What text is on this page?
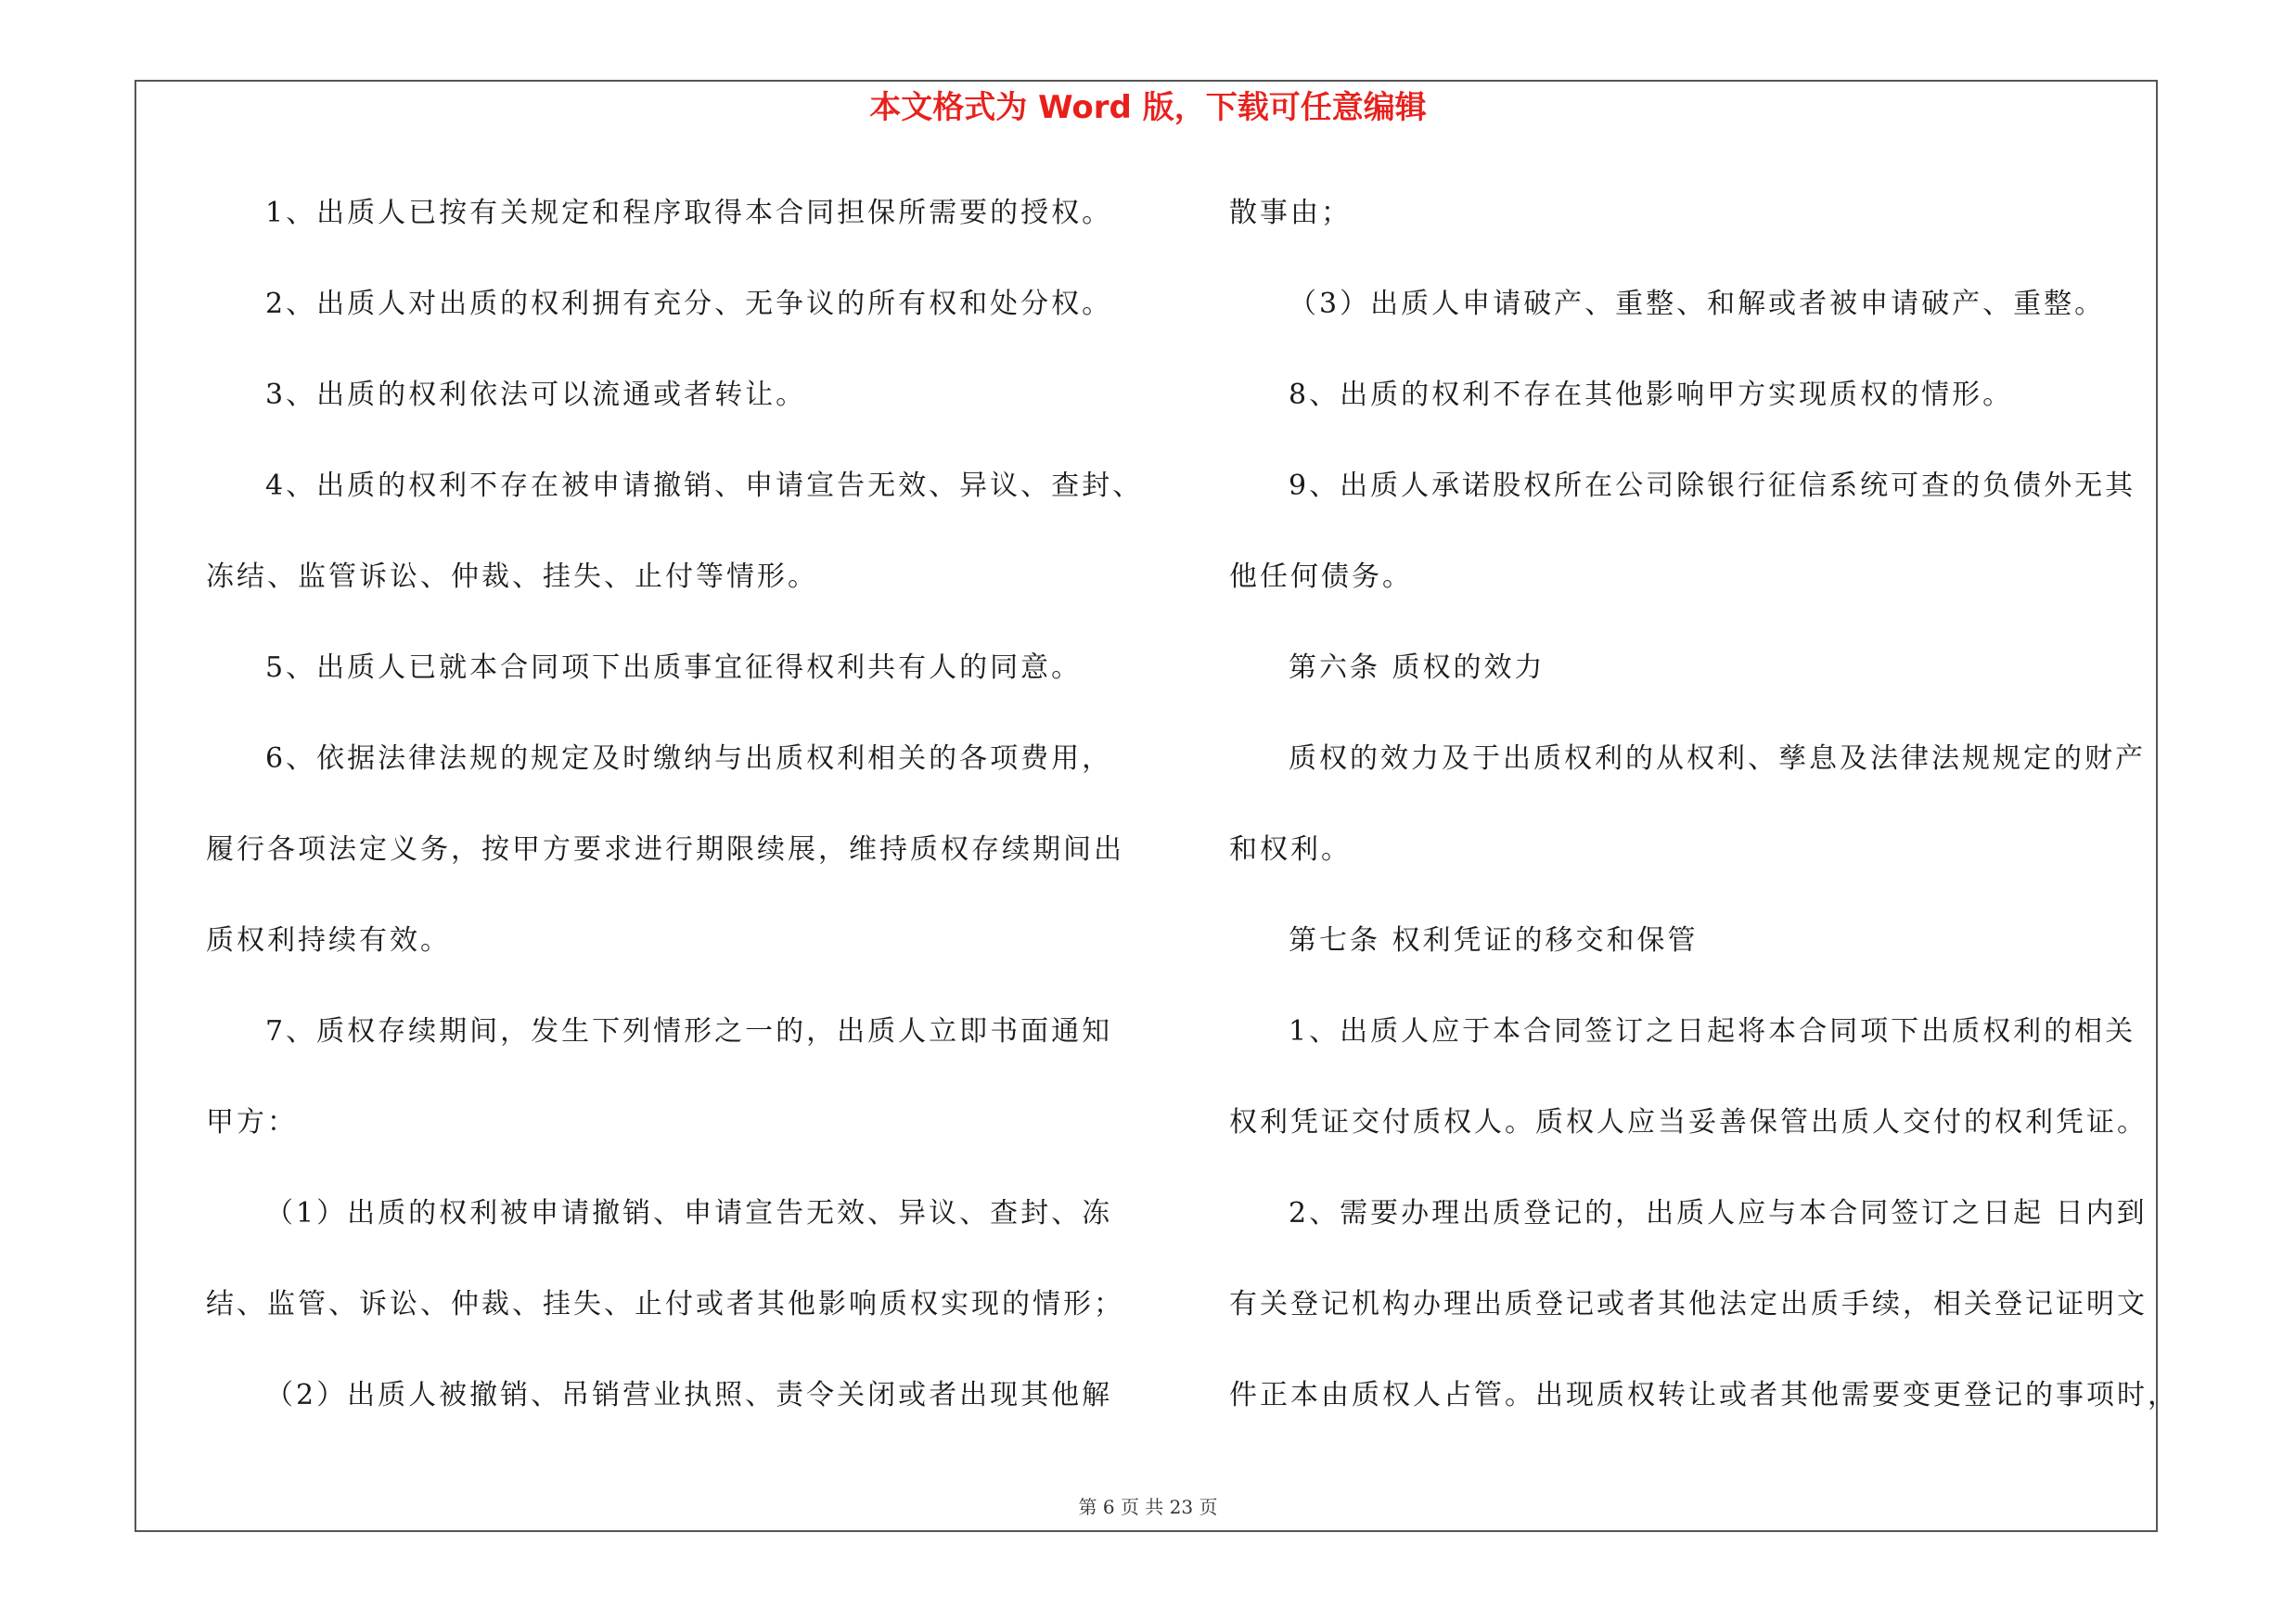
本文格式为 Word 版，下载可任意编辑
1、出质人已按有关规定和程序取得本合同担保所需要的授权。
2、出质人对出质的权利拥有充分、无争议的所有权和处分权。
3、出质的权利依法可以流通或者转让。
4、出质的权利不存在被申请撤销、申请宣告无效、异议、查封、
冻结、监管诉讼、仲裁、挂失、止付等情形。
5、出质人已就本合同项下出质事宜征得权利共有人的同意。
6、依据法律法规的规定及时缴纳与出质权利相关的各项费用，
履行各项法定义务，按甲方要求进行期限续展，维持质权存续期间出
质权利持续有效。
7、质权存续期间，发生下列情形之一的，出质人立即书面通知
甲方：
（1）出质的权利被申请撤销、申请宣告无效、异议、查封、冻
结、监管、诉讼、仲裁、挂失、止付或者其他影响质权实现的情形；
（2）出质人被撤销、吊销营业执照、责令关闭或者出现其他解
散事由；
（3）出质人申请破产、重整、和解或者被申请破产、重整。
8、出质的权利不存在其他影响甲方实现质权的情形。
9、出质人承诺股权所在公司除银行征信系统可查的负债外无其
他任何债务。
第六条 质权的效力
质权的效力及于出质权利的从权利、孳息及法律法规规定的财产
和权利。
第七条 权利凭证的移交和保管
1、出质人应于本合同签订之日起将本合同项下出质权利的相关
权利凭证交付质权人。质权人应当妥善保管出质人交付的权利凭证。
2、需要办理出质登记的，出质人应与本合同签订之日起 日内到
有关登记机构办理出质登记或者其他法定出质手续，相关登记证明文
件正本由质权人占管。出现质权转让或者其他需要变更登记的事项时，
第 6 页 共 23 页
